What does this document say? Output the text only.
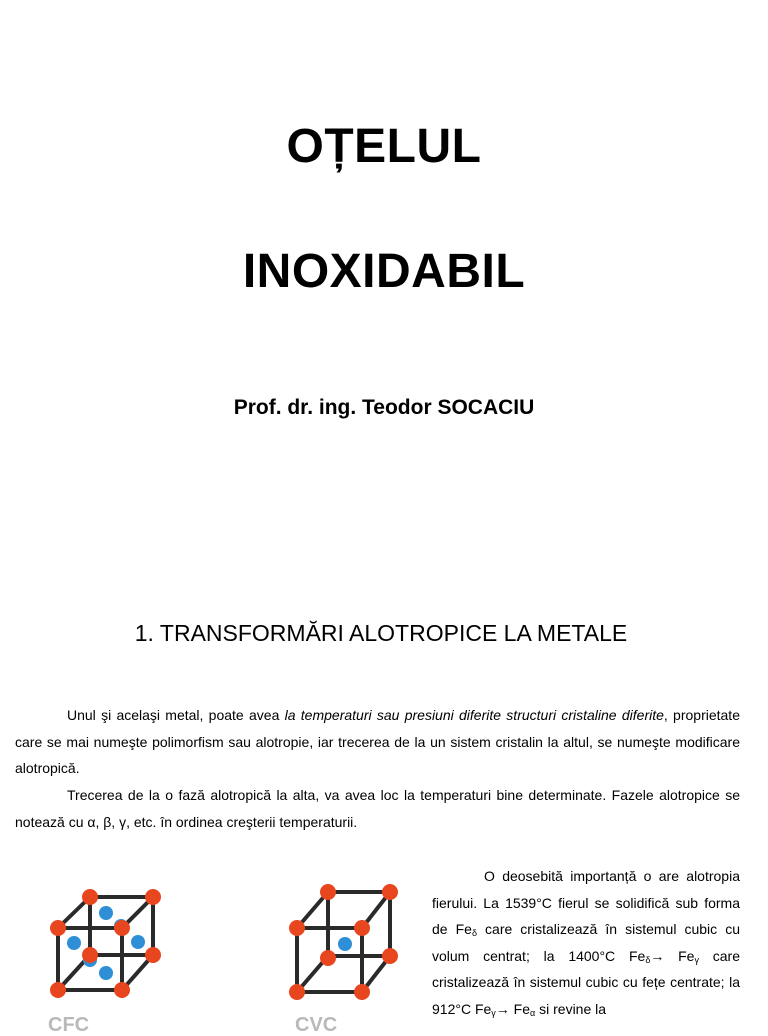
OȚELUL
INOXIDABIL
Prof. dr. ing. Teodor SOCACIU
1. TRANSFORMĂRI ALOTROPICE LA METALE

Unul şi acelaşi metal, poate avea la temperaturi sau presiuni diferite structuri cristaline diferite, proprietate care se mai numeşte polimorfism sau alotropie, iar trecerea de la un sistem cristalin la altul, se numeşte modificare alotropică.

Trecerea de la o fază alotropică la alta, va avea loc la temperaturi bine determinate. Fazele alotropice se notează cu α, β, γ, etc. în ordinea creşterii temperaturii.

O deosebită importanță o are alotropia fierului. La 1539°C fierul se solidifică sub forma de $Fe_\delta$ care cristalizează în sistemul cubic cu volum centrat; la 1400°C $Fe_\delta\to Fe_\gamma$ care cristalizează în sistemul cubic cu fețe centrate; la 912°C $Fe_\gamma\to Fe_\alpha$ si revine la

CFC	CVC
